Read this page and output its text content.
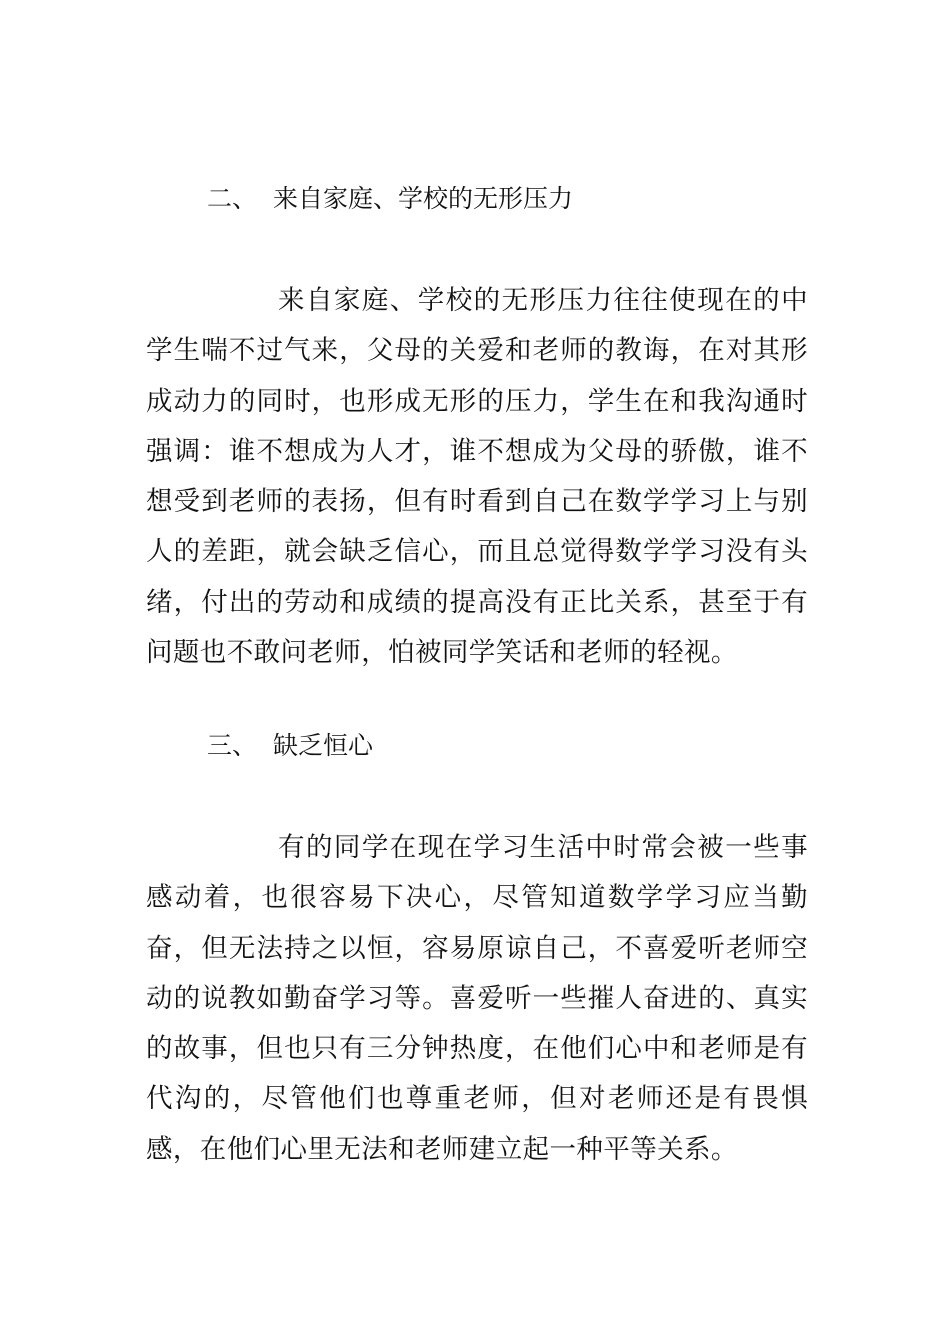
二、 来自家庭、学校的无形压力

来自家庭、学校的无形压力往往使现在的中学生喘不过气来，父母的关爱和老师的教诲，在对其形成动力的同时，也形成无形的压力，学生在和我沟通时强调：谁不想成为人才，谁不想成为父母的骄傲，谁不想受到老师的表扬，但有时看到自己在数学学习上与别人的差距，就会缺乏信心，而且总觉得数学学习没有头绪，付出的劳动和成绩的提高没有正比关系，甚至于有问题也不敢问老师，怕被同学笑话和老师的轻视。

三、 缺乏恒心

有的同学在现在学习生活中时常会被一些事感动着，也很容易下决心，尽管知道数学学习应当勤奋，但无法持之以恒，容易原谅自己，不喜爱听老师空动的说教如勤奋学习等。喜爱听一些摧人奋进的、真实的故事，但也只有三分钟热度，在他们心中和老师是有代沟的，尽管他们也尊重老师，但对老师还是有畏惧感，在他们心里无法和老师建立起一种平等关系。
